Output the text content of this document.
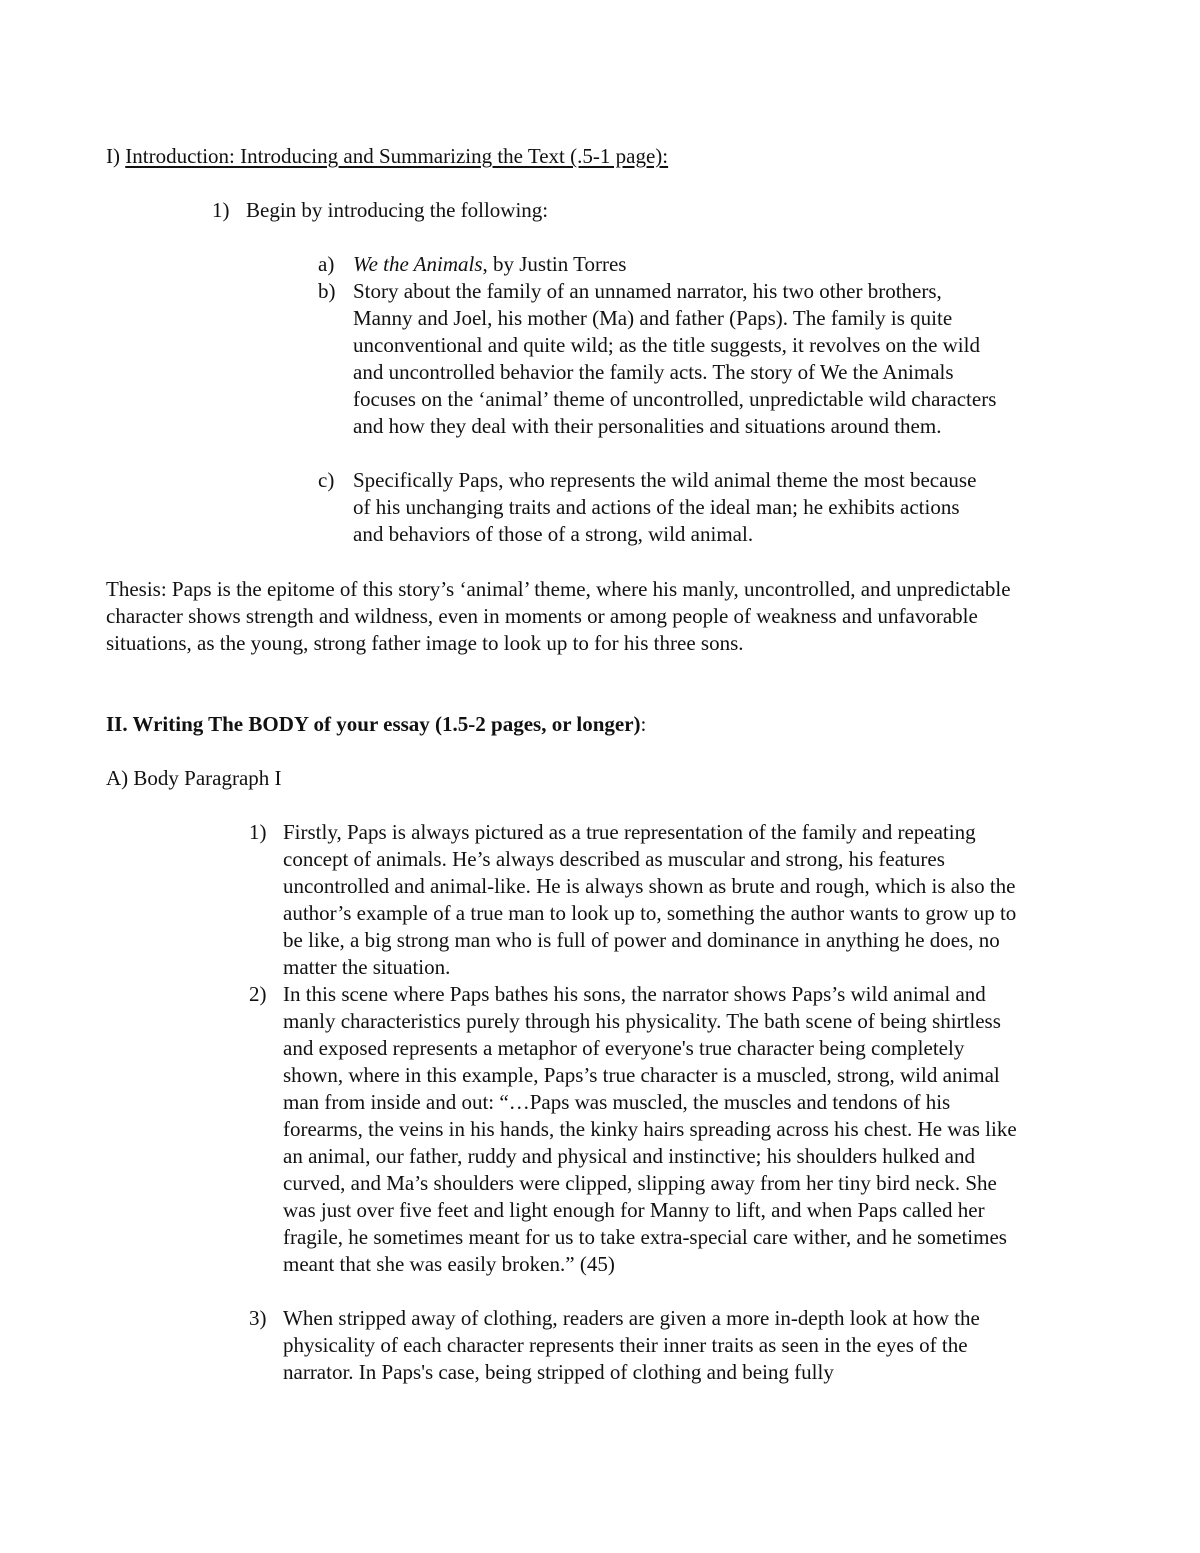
I) Introduction: Introducing and Summarizing the Text (.5-1 page):
1) Begin by introducing the following:
a) We the Animals, by Justin Torres
b) Story about the family of an unnamed narrator, his two other brothers, Manny and Joel, his mother (Ma) and father (Paps). The family is quite unconventional and quite wild; as the title suggests, it revolves on the wild and uncontrolled behavior the family acts. The story of We the Animals focuses on the ‘animal’ theme of uncontrolled, unpredictable wild characters and how they deal with their personalities and situations around them.
c) Specifically Paps, who represents the wild animal theme the most because of his unchanging traits and actions of the ideal man; he exhibits actions and behaviors of those of a strong, wild animal.
Thesis: Paps is the epitome of this story’s ‘animal’ theme, where his manly, uncontrolled, and unpredictable character shows strength and wildness, even in moments or among people of weakness and unfavorable situations, as the young, strong father image to look up to for his three sons.
II. Writing The BODY of your essay (1.5-2 pages, or longer):
A) Body Paragraph I
1) Firstly, Paps is always pictured as a true representation of the family and repeating concept of animals. He’s always described as muscular and strong, his features uncontrolled and animal-like. He is always shown as brute and rough, which is also the author’s example of a true man to look up to, something the author wants to grow up to be like, a big strong man who is full of power and dominance in anything he does, no matter the situation.
2) In this scene where Paps bathes his sons, the narrator shows Paps’s wild animal and manly characteristics purely through his physicality. The bath scene of being shirtless and exposed represents a metaphor of everyone's true character being completely shown, where in this example, Paps’s true character is a muscled, strong, wild animal man from inside and out: “…Paps was muscled, the muscles and tendons of his forearms, the veins in his hands, the kinky hairs spreading across his chest. He was like an animal, our father, ruddy and physical and instinctive; his shoulders hulked and curved, and Ma’s shoulders were clipped, slipping away from her tiny bird neck. She was just over five feet and light enough for Manny to lift, and when Paps called her fragile, he sometimes meant for us to take extra-special care wither, and he sometimes meant that she was easily broken.” (45)
3) When stripped away of clothing, readers are given a more in-depth look at how the physicality of each character represents their inner traits as seen in the eyes of the narrator. In Paps's case, being stripped of clothing and being fully
